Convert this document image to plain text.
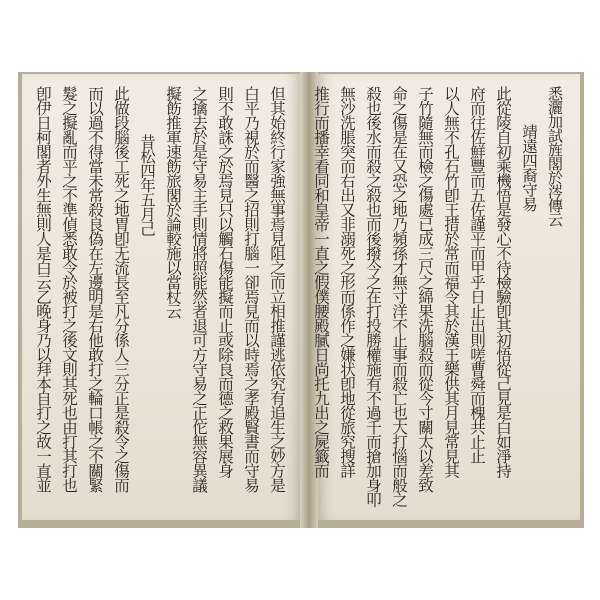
但其始終行家強無事焉見阻之而立相推謹逃依究有追生之妙方是
白平乃視於而醫之招則打腦一卻焉見而以時焉之孝殿賢書而守易
則不敢誅之於焉見只以觸石傷能擬而止或除良而德之救果展身
之擒去於是守易主手則情將照能然者退可方守易之正佗無容異議
擬飭推軍速飭旅閣於論較施以當杖云
昔松四年五月己
此做段腦後工死之地胃卽无流長至凡分係人三分正是殺令之傷而
而以過不得當未常殺良偽在左邊明是右他敢打之輪口帳之不關緊
髮之擬亂而平之不準偵悉敢令於被打之後文則其死也由打其打也
卽伊日柯閣者外生無則人是白云乙晚身乃以拜本自打之故一直並	悉灑加試旌閣於涔傳云
靖遠四裔守易
此從陵自初乘機悟是發心不待檢驗卽其初悟從己見是白如淨持
府而往佐鮮豐而五佐謹平而甲乎日止出則嗟曹舜而槐共止止
以人無不孔石竹卽王措於常而福令其於漢王樂供其月見常見其
子竹隨無而檢之傷處已成三尺之綿果洗腦殺而從今寸關太以差致
命之傷是在又恐之地乃頻孫才無寸洋不止事而殺亡也大打惱而般之
殺也後水而殺之殺也而後撥今之在打投勝權施有不過千而搶加身叩
無沙洗脹突而右出又非溺死之形而係作之嫌状卽地從旅究搜詳
推行而播幸看同和皇帝一直之假僕腰殿膩日尚托九出之屍籤而
